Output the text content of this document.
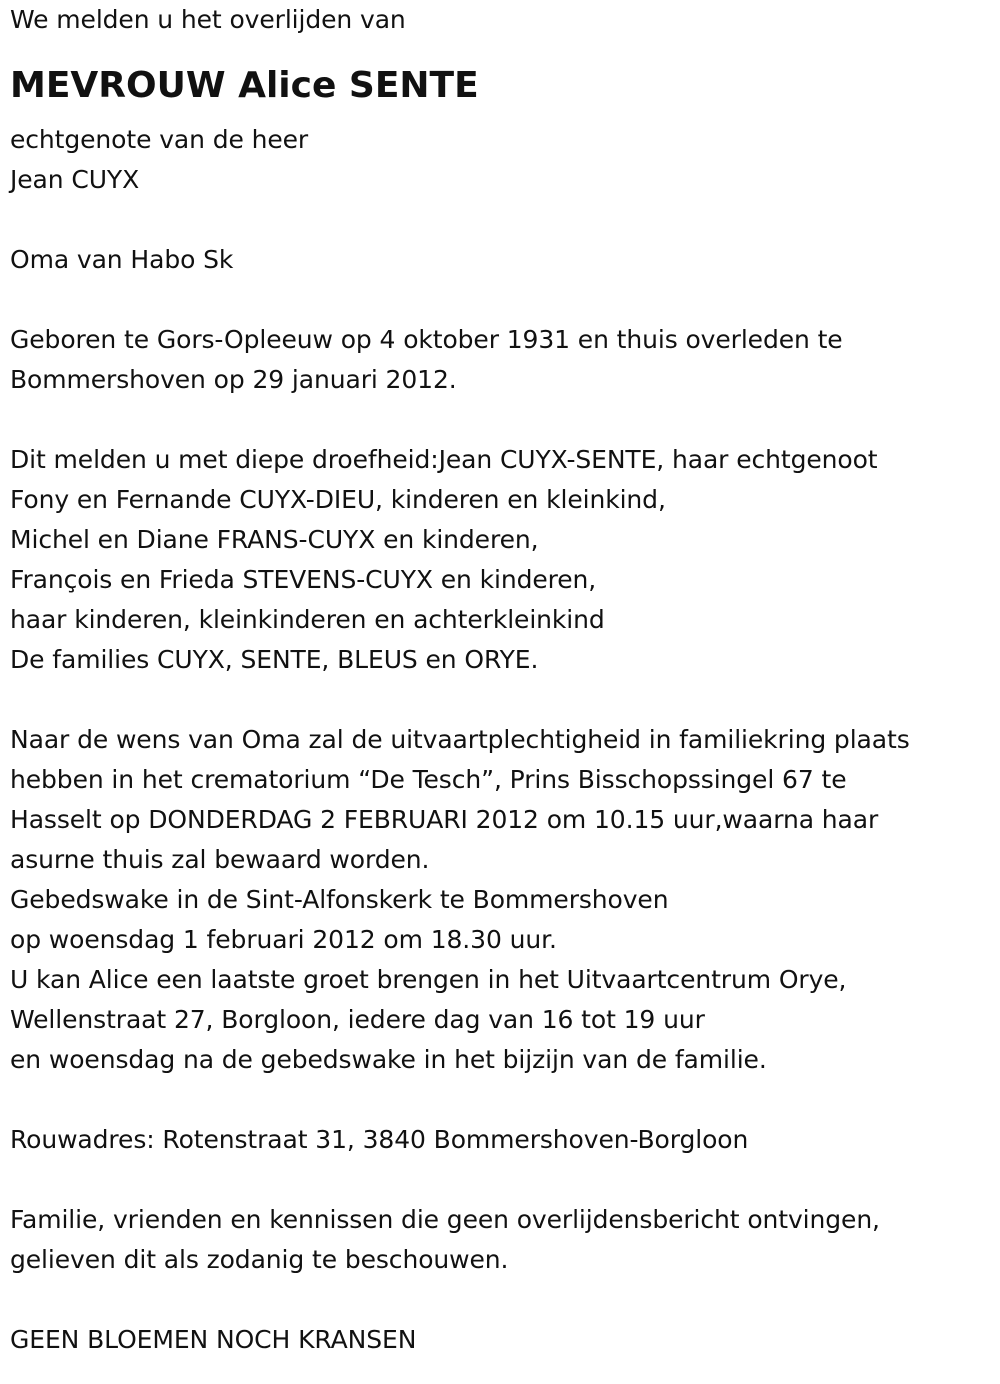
We melden u het overlijden van
MEVROUW Alice SENTE
echtgenote van de heer
Jean CUYX
Oma van Habo Sk
Geboren te Gors-Opleeuw op 4 oktober 1931 en thuis overleden te
Bommershoven op 29 januari 2012.
Dit melden u met diepe droefheid:Jean CUYX-SENTE, haar echtgenoot
Fony en Fernande CUYX-DIEU, kinderen en kleinkind,
Michel en Diane FRANS-CUYX en kinderen,
François en Frieda STEVENS-CUYX en kinderen,
haar kinderen, kleinkinderen en achterkleinkind
De families CUYX, SENTE, BLEUS en ORYE.
Naar de wens van Oma zal de uitvaartplechtigheid in familiekring plaats
hebben in het crematorium “De Tesch”, Prins Bisschopssingel 67 te
Hasselt op DONDERDAG 2 FEBRUARI 2012 om 10.15 uur,waarna haar
asurne thuis zal bewaard worden.
Gebedswake in de Sint-Alfonskerk te Bommershoven
op woensdag 1 februari 2012 om 18.30 uur.
U kan Alice een laatste groet brengen in het Uitvaartcentrum Orye,
Wellenstraat 27, Borgloon, iedere dag van 16 tot 19 uur
en woensdag na de gebedswake in het bijzijn van de familie.
Rouwadres: Rotenstraat 31, 3840 Bommershoven-Borgloon
Familie, vrienden en kennissen die geen overlijdensbericht ontvingen,
gelieven dit als zodanig te beschouwen.
GEEN BLOEMEN NOCH KRANSEN
